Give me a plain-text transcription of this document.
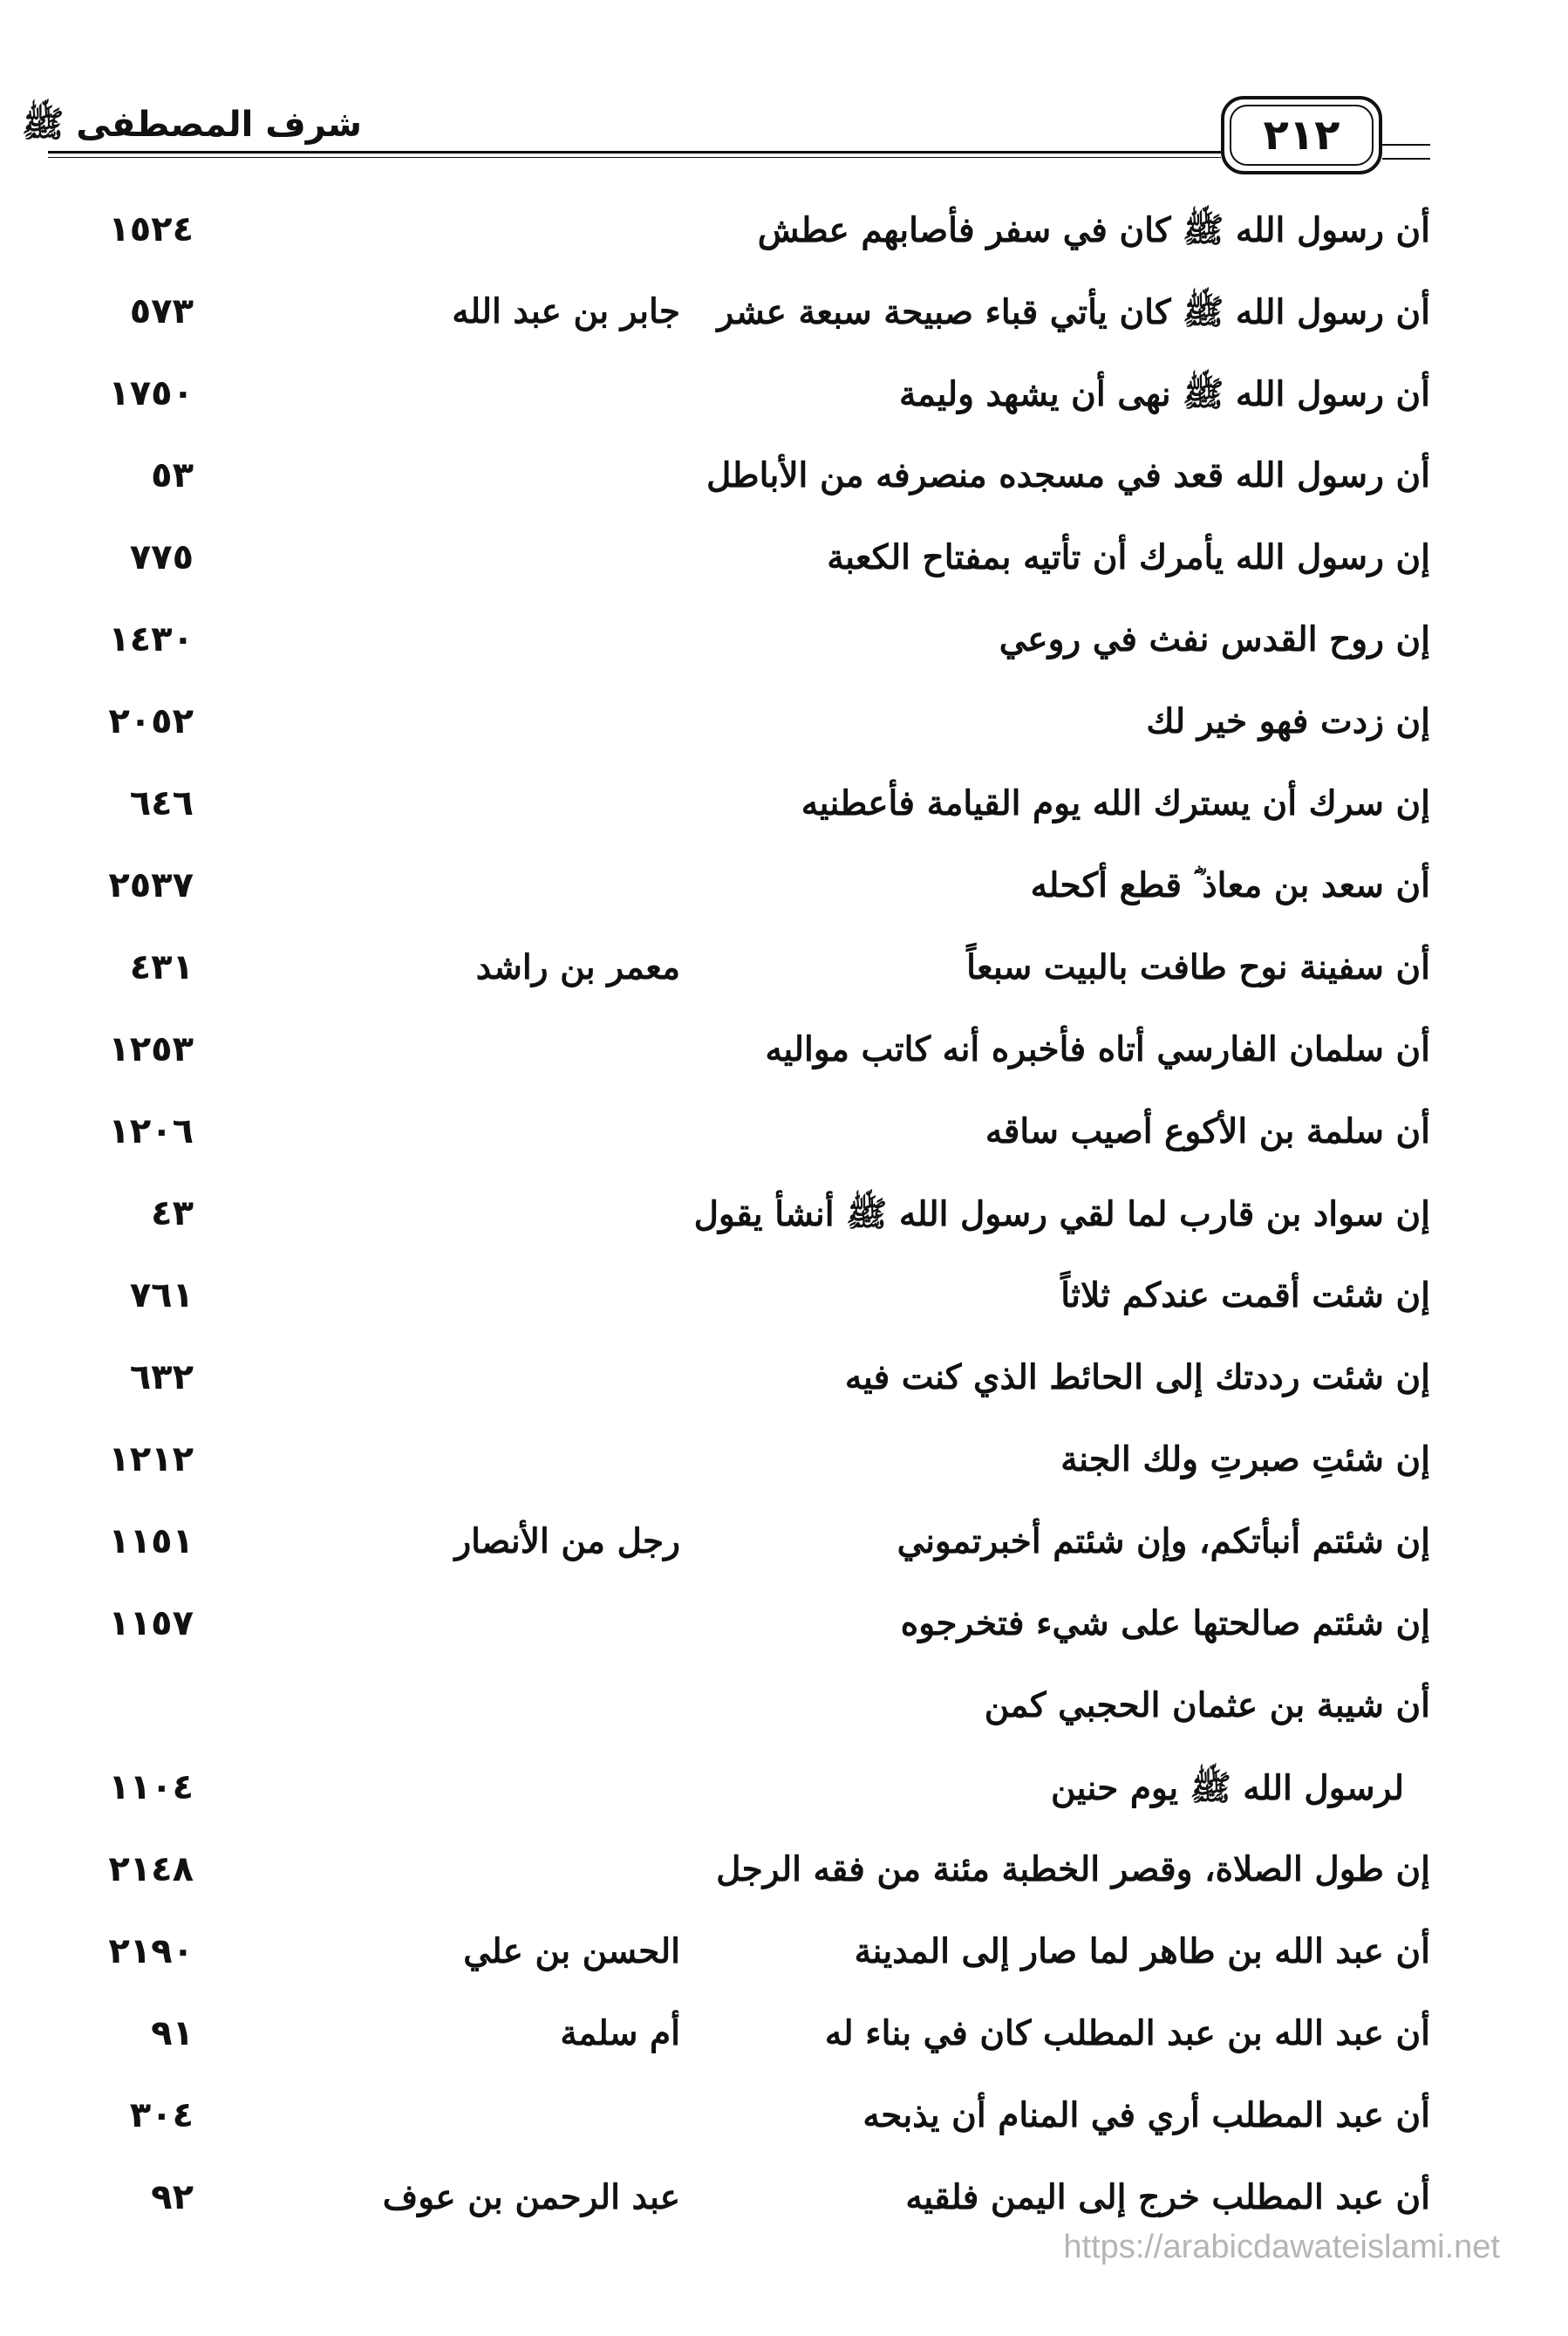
شرف المصطفى ﷺ	٢١٢
أن رسول الله ﷺ كان في سفر فأصابهم عطش
١٥٢٤
أن رسول الله ﷺ كان يأتي قباء صبيحة سبعة عشر
جابر بن عبد الله
٥٧٣
أن رسول الله ﷺ نهى أن يشهد وليمة
١٧٥٠
أن رسول الله قعد في مسجده منصرفه من الأباطل
٥٣
إن رسول الله يأمرك أن تأتيه بمفتاح الكعبة
٧٧٥
إن روح القدس نفث في روعي
١٤٣٠
إن زدت فهو خير لك
٢٠٥٢
إن سرك أن يسترك الله يوم القيامة فأعطنيه
٦٤٦
أن سعد بن معاذ ؓ قطع أكحله
٢٥٣٧
أن سفينة نوح طافت بالبيت سبعاً
معمر بن راشد
٤٣١
أن سلمان الفارسي أتاه فأخبره أنه كاتب مواليه
١٢٥٣
أن سلمة بن الأكوع أصيب ساقه
١٢٠٦
إن سواد بن قارب لما لقي رسول الله ﷺ أنشأ يقول
٤٣
إن شئت أقمت عندكم ثلاثاً
٧٦١
إن شئت رددتك إلى الحائط الذي كنت فيه
٦٣٢
إن شئتِ صبرتِ ولك الجنة
١٢١٢
إن شئتم أنبأتكم، وإن شئتم أخبرتموني
رجل من الأنصار
١١٥١
إن شئتم صالحتها على شيء فتخرجوه
١١٥٧
أن شيبة بن عثمان الحجبي كمن
لرسول الله ﷺ يوم حنين
١١٠٤
إن طول الصلاة، وقصر الخطبة مئنة من فقه الرجل
٢١٤٨
أن عبد الله بن طاهر لما صار إلى المدينة
الحسن بن علي
٢١٩٠
أن عبد الله بن عبد المطلب كان في بناء له
أم سلمة
٩١
أن عبد المطلب أري في المنام أن يذبحه
٣٠٤
أن عبد المطلب خرج إلى اليمن فلقيه
عبد الرحمن بن عوف
٩٢
https://arabicdawateislami.net
